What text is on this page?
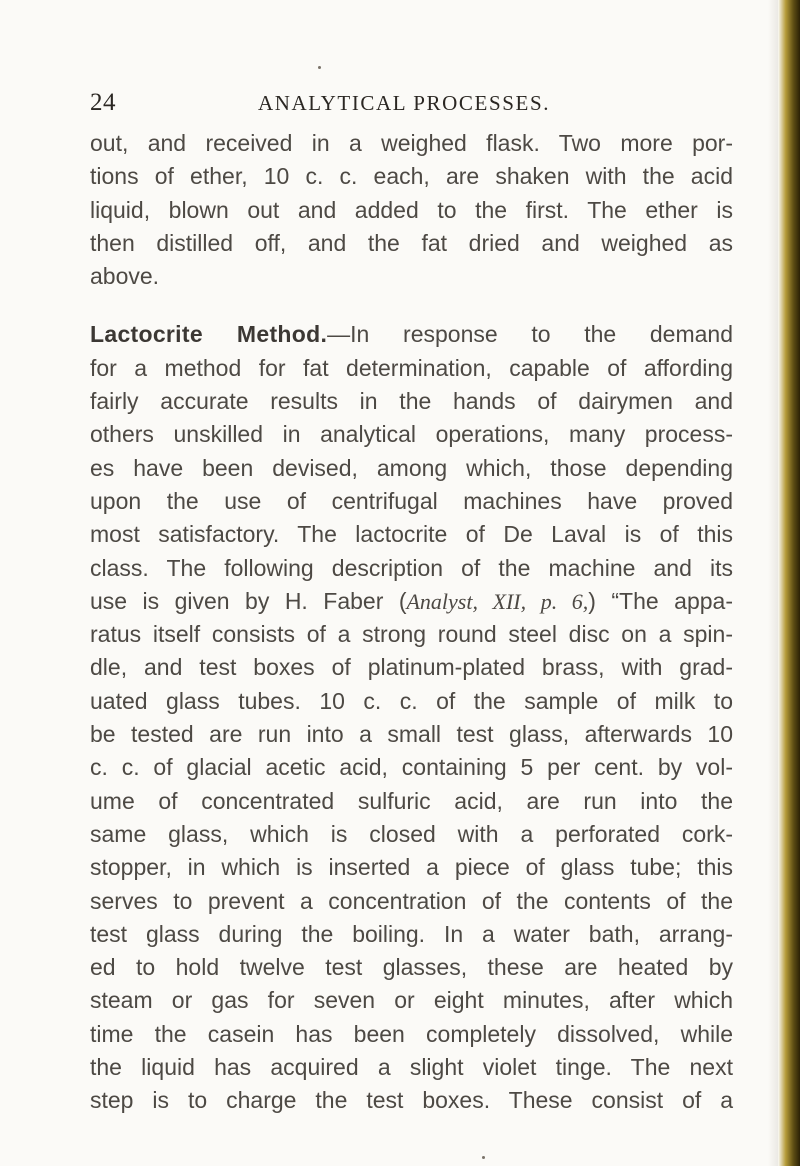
24	ANALYTICAL PROCESSES.
out, and received in a weighed flask. Two more por-
tions of ether, 10 c. c. each, are shaken with the acid
liquid, blown out and added to the first. The ether is
then distilled off, and the fat dried and weighed as
above.
Lactocrite Method.—In response to the demand
for a method for fat determination, capable of affording
fairly accurate results in the hands of dairymen and
others unskilled in analytical operations, many process-
es have been devised, among which, those depending
upon the use of centrifugal machines have proved
most satisfactory. The lactocrite of De Laval is of this
class. The following description of the machine and its
use is given by H. Faber (Analyst, XII, p. 6,) “The appa-
ratus itself consists of a strong round steel disc on a spin-
dle, and test boxes of platinum-plated brass, with grad-
uated glass tubes. 10 c. c. of the sample of milk to
be tested are run into a small test glass, afterwards 10
c. c. of glacial acetic acid, containing 5 per cent. by vol-
ume of concentrated sulfuric acid, are run into the
same glass, which is closed with a perforated cork-
stopper, in which is inserted a piece of glass tube; this
serves to prevent a concentration of the contents of the
test glass during the boiling. In a water bath, arrang-
ed to hold twelve test glasses, these are heated by
steam or gas for seven or eight minutes, after which
time the casein has been completely dissolved, while
the liquid has acquired a slight violet tinge. The next
step is to charge the test boxes. These consist of a
